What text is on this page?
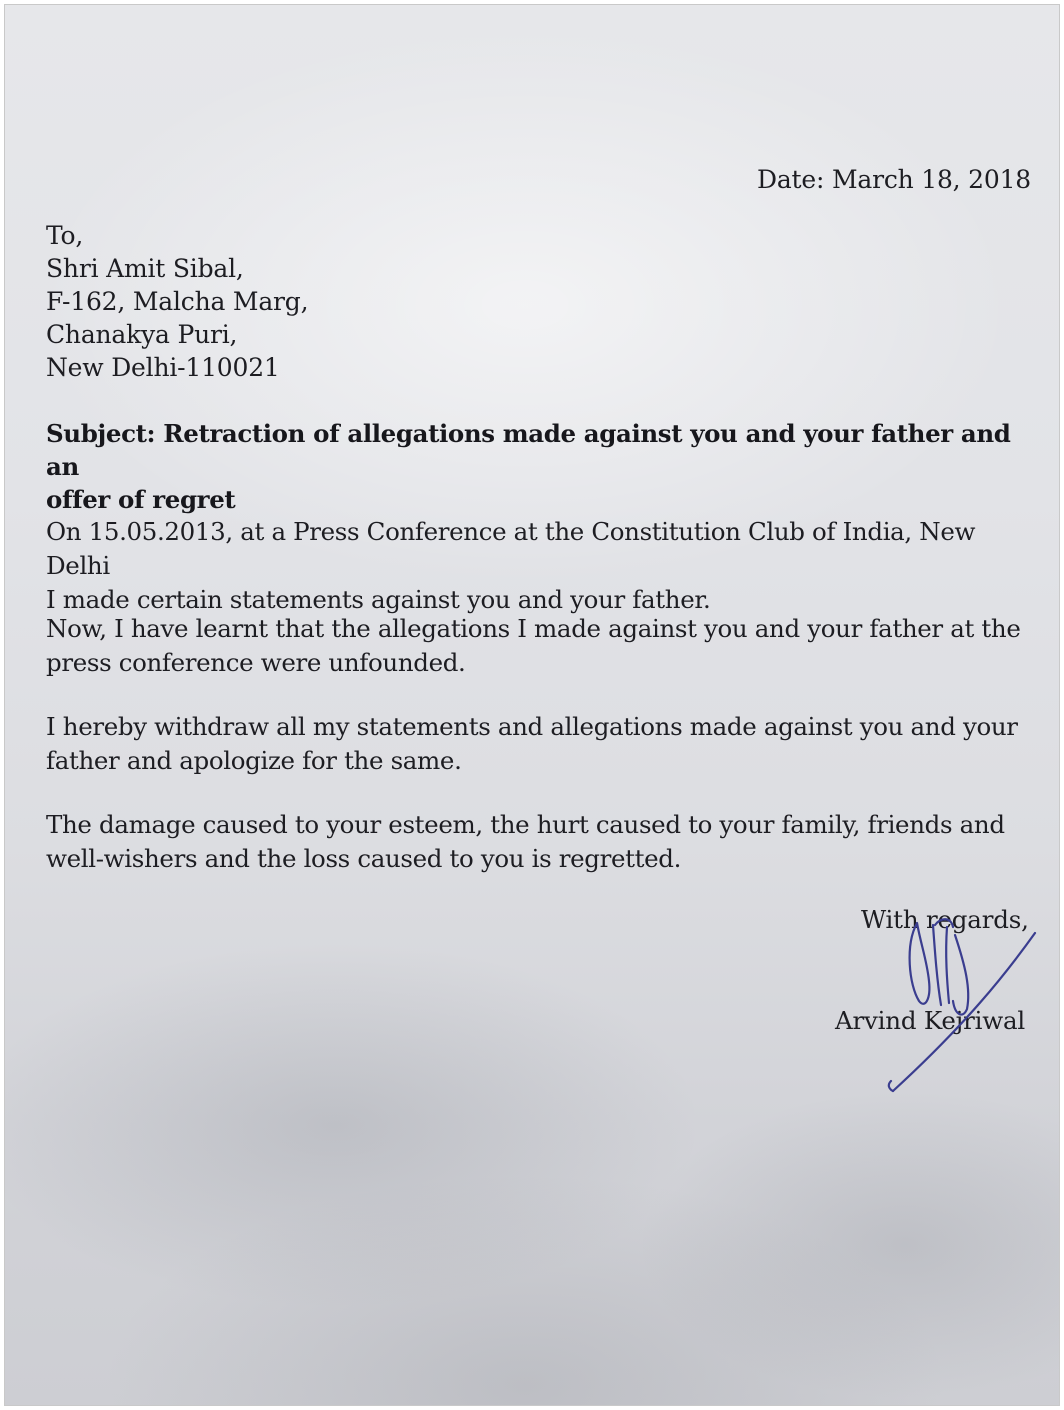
Date: March 18, 2018
To,
Shri Amit Sibal,
F-162, Malcha Marg,
Chanakya Puri,
New Delhi-110021
Subject: Retraction of allegations made against you and your father and an
offer of regret
On 15.05.2013, at a Press Conference at the Constitution Club of India, New Delhi
I made certain statements against you and your father.
Now, I have learnt that the allegations I made against you and your father at the
press conference were unfounded.
I hereby withdraw all my statements and allegations made against you and your
father and apologize for the same.
The damage caused to your esteem, the hurt caused to your family, friends and
well-wishers and the loss caused to you is regretted.
With regards,
Arvind Kejriwal
